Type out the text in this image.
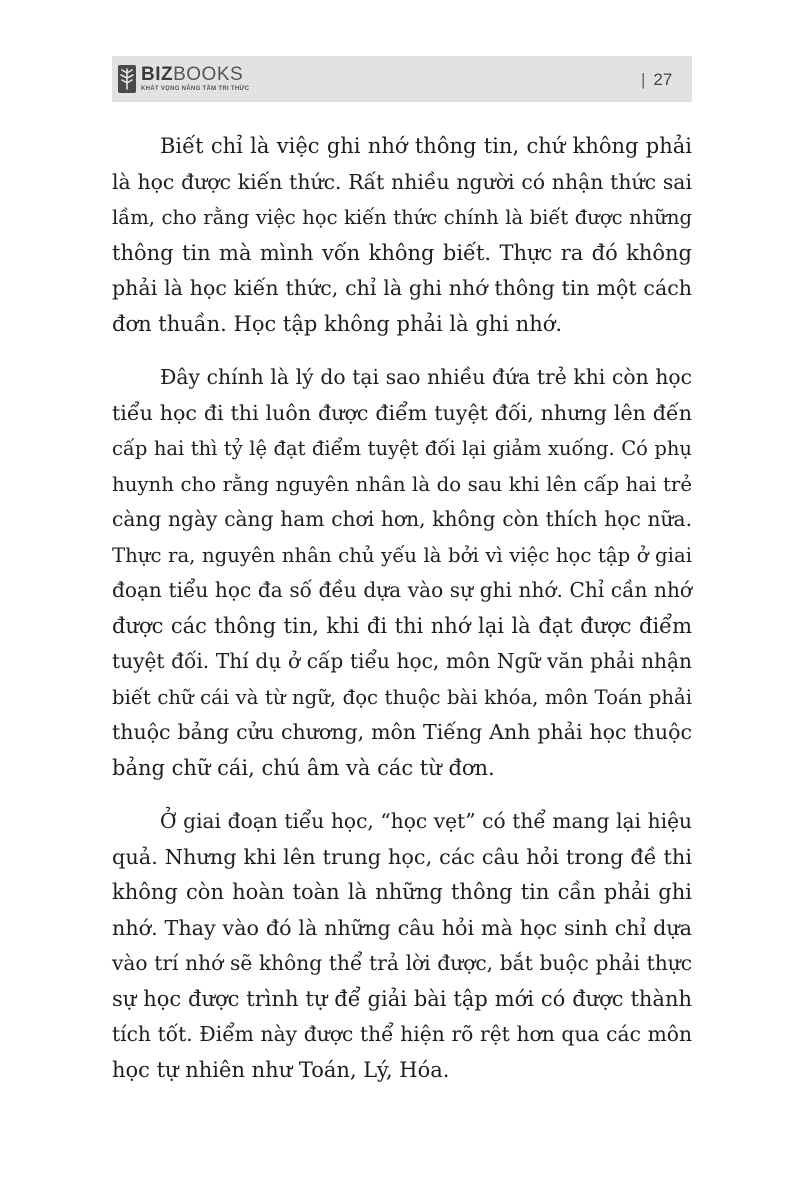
BIZBOOKS
KHÁT VỌNG NÂNG TẦM TRI THỨC	| 27
Biết chỉ là việc ghi nhớ thông tin, chứ không phải
là học được kiến thức. Rất nhiều người có nhận thức sai
lầm, cho rằng việc học kiến thức chính là biết được những
thông tin mà mình vốn không biết. Thực ra đó không
phải là học kiến thức, chỉ là ghi nhớ thông tin một cách
đơn thuần. Học tập không phải là ghi nhớ.
Đây chính là lý do tại sao nhiều đứa trẻ khi còn học
tiểu học đi thi luôn được điểm tuyệt đối, nhưng lên đến
cấp hai thì tỷ lệ đạt điểm tuyệt đối lại giảm xuống. Có phụ
huynh cho rằng nguyên nhân là do sau khi lên cấp hai trẻ
càng ngày càng ham chơi hơn, không còn thích học nữa.
Thực ra, nguyên nhân chủ yếu là bởi vì việc học tập ở giai
đoạn tiểu học đa số đều dựa vào sự ghi nhớ. Chỉ cần nhớ
được các thông tin, khi đi thi nhớ lại là đạt được điểm
tuyệt đối. Thí dụ ở cấp tiểu học, môn Ngữ văn phải nhận
biết chữ cái và từ ngữ, đọc thuộc bài khóa, môn Toán phải
thuộc bảng cửu chương, môn Tiếng Anh phải học thuộc
bảng chữ cái, chú âm và các từ đơn.
Ở giai đoạn tiểu học, “học vẹt” có thể mang lại hiệu
quả. Nhưng khi lên trung học, các câu hỏi trong đề thi
không còn hoàn toàn là những thông tin cần phải ghi
nhớ. Thay vào đó là những câu hỏi mà học sinh chỉ dựa
vào trí nhớ sẽ không thể trả lời được, bắt buộc phải thực
sự học được trình tự để giải bài tập mới có được thành
tích tốt. Điểm này được thể hiện rõ rệt hơn qua các môn
học tự nhiên như Toán, Lý, Hóa.
